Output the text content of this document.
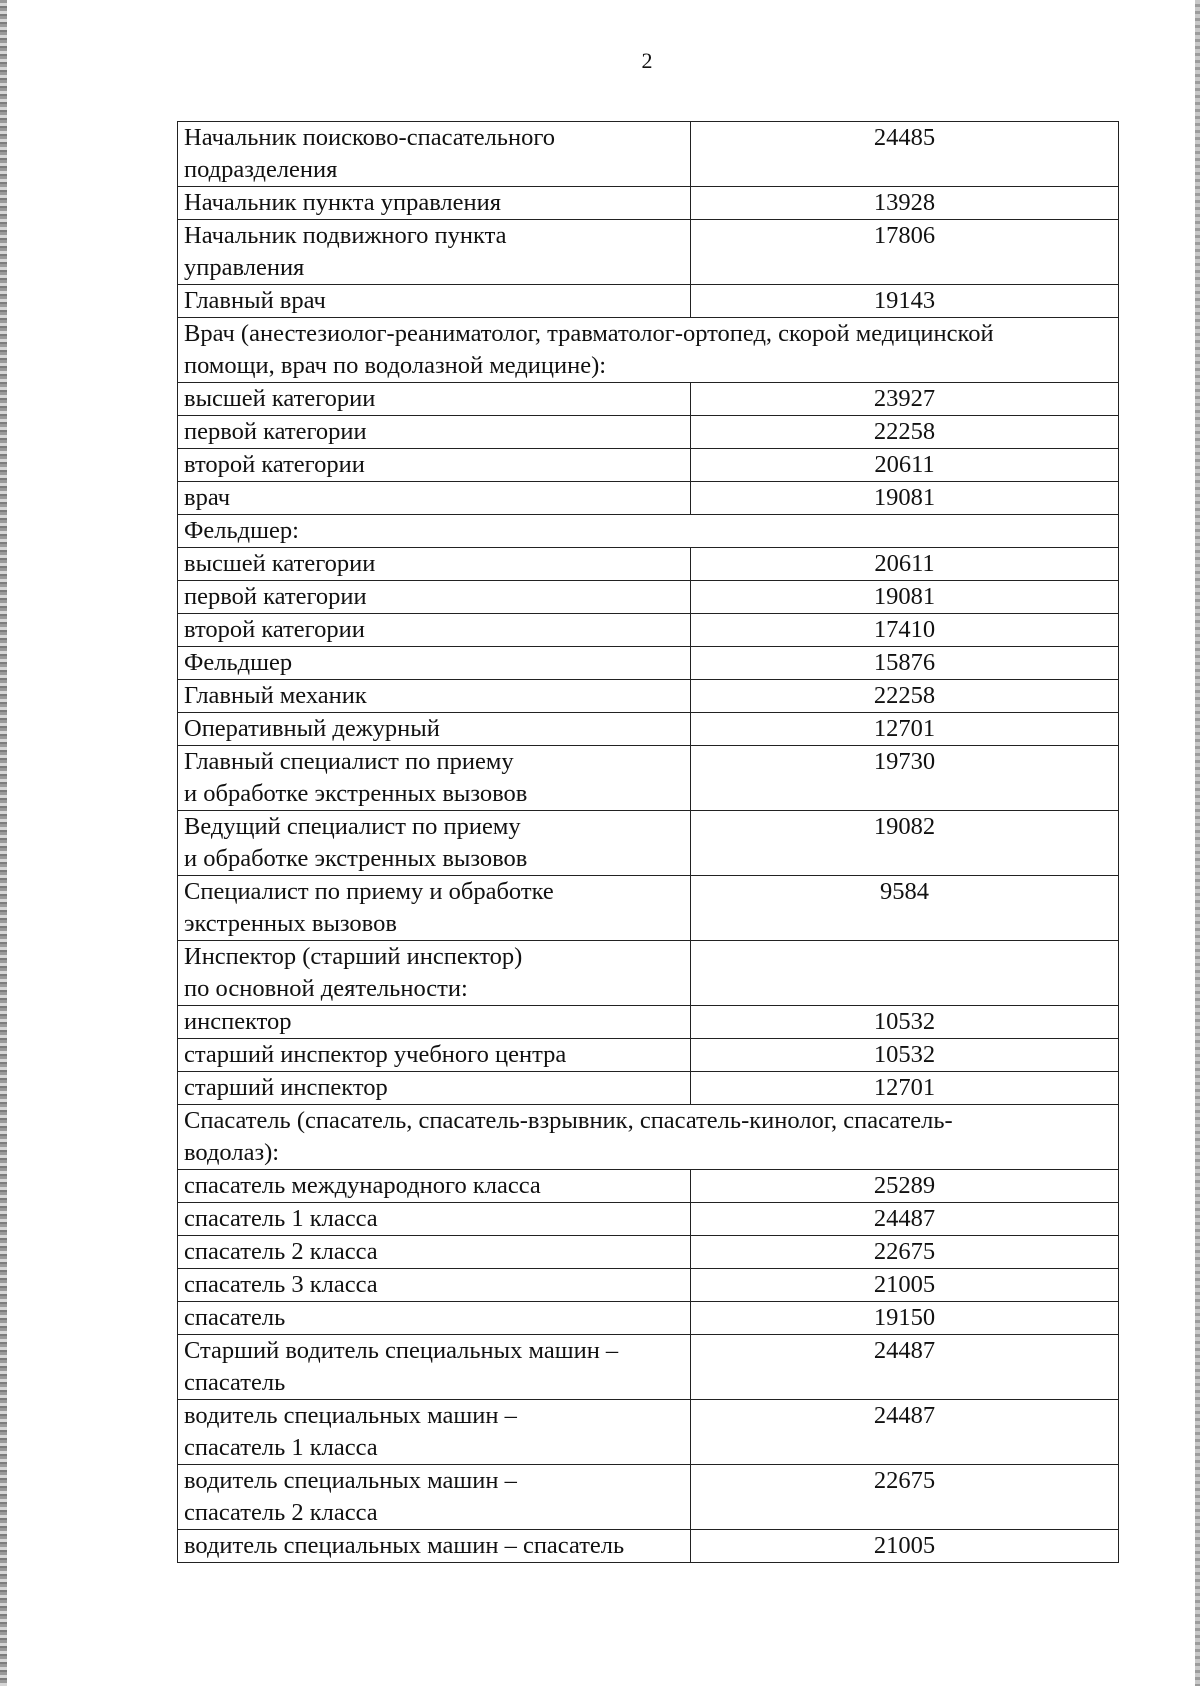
2
Начальник поисково-спасательного
подразделения	24485
Начальник пункта управления	13928
Начальник подвижного пункта
управления	17806
Главный врач	19143
Врач (анестезиолог-реаниматолог, травматолог-ортопед, скорой медицинской
помощи, врач по водолазной медицине):	
высшей категории	23927
первой категории	22258
второй категории	20611
врач	19081
Фельдшер:	
высшей категории	20611
первой категории	19081
второй категории	17410
Фельдшер	15876
Главный механик	22258
Оперативный дежурный	12701
Главный специалист по приему
и обработке экстренных вызовов	19730
Ведущий специалист по приему
и обработке экстренных вызовов	19082
Специалист по приему и обработке
экстренных вызовов	9584
Инспектор (старший инспектор)
по основной деятельности:	
инспектор	10532
старший инспектор учебного центра	10532
старший инспектор	12701
Спасатель (спасатель, спасатель-взрывник, спасатель-кинолог, спасатель-
водолаз):	
спасатель международного класса	25289
спасатель 1 класса	24487
спасатель 2 класса	22675
спасатель 3 класса	21005
спасатель	19150
Старший водитель специальных машин –
спасатель	24487
водитель специальных машин –
спасатель 1 класса	24487
водитель специальных машин –
спасатель 2 класса	22675
водитель специальных машин – спасатель	21005
